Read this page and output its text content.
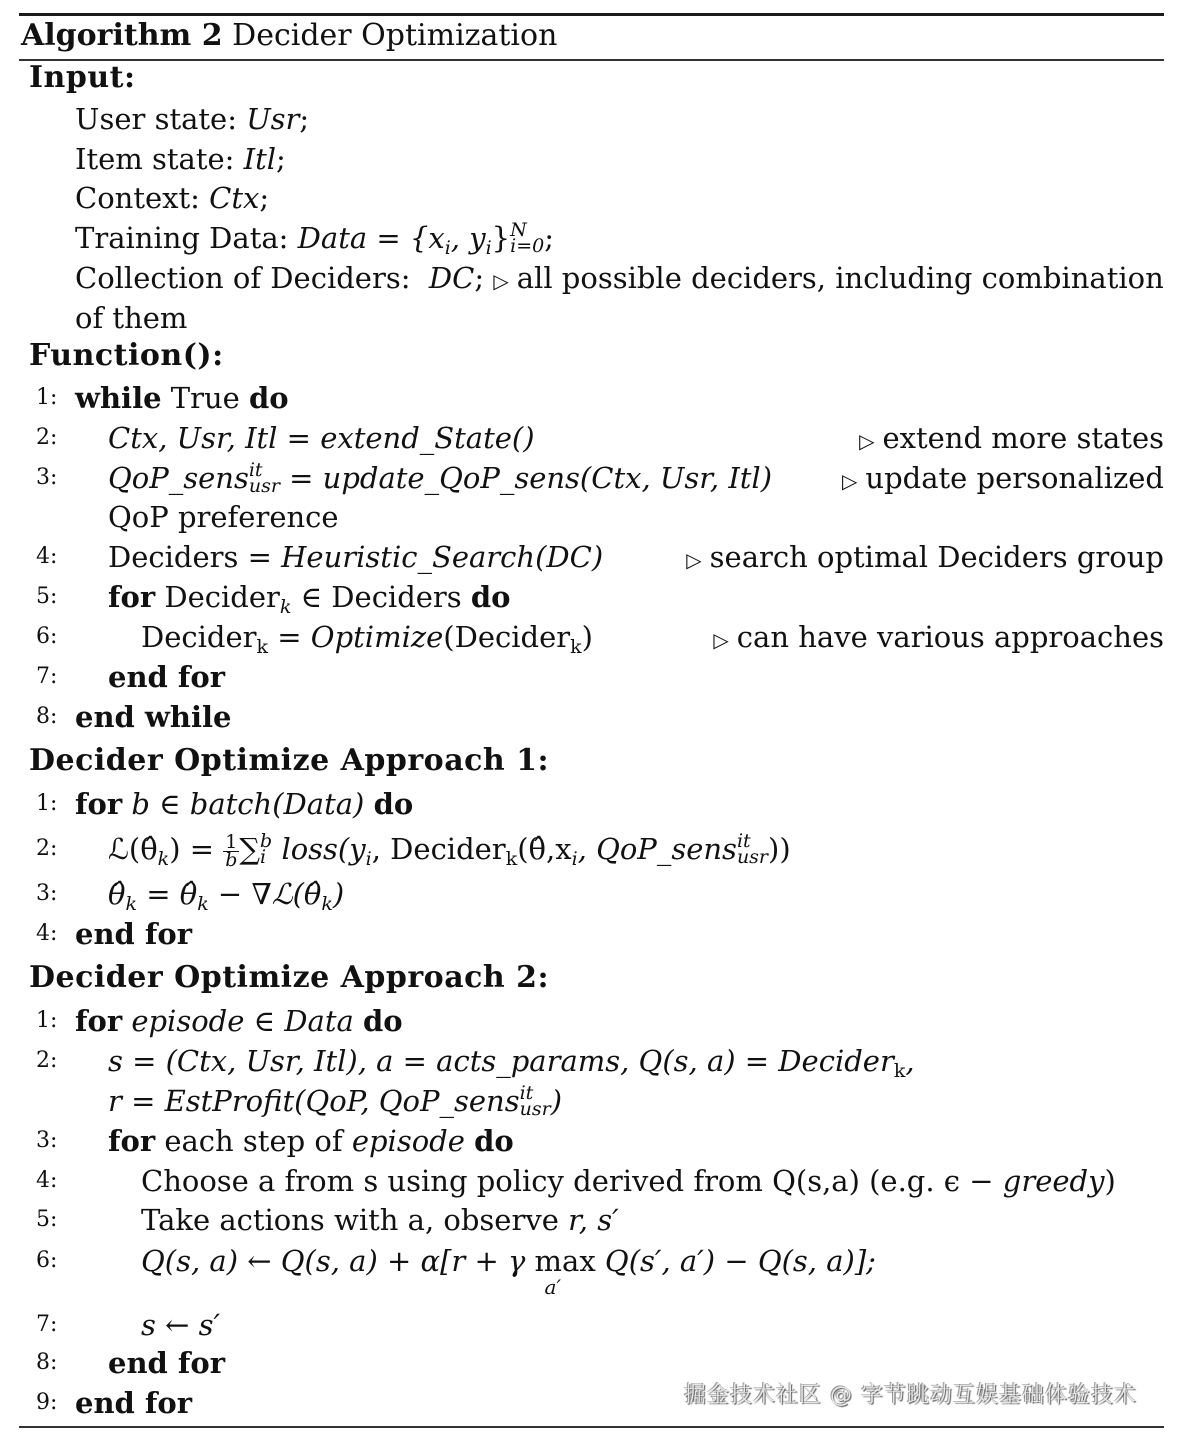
Algorithm 2 Decider Optimization
Input:
User state: Usr;
Item state: Itl;
Context: Ctx;
Training Data: Data = {$x_i$, $y_i$} N
i=0 ;
Collection of Deciders: DC; ▷ all possible deciders, including combination
of them
Function():
1: while True do
2:	Ctx, Usr, Itl = extend_State()	▷ extend more states
3:	QoP_sens it
usr = update_QoP_sens(Ctx, Usr, Itl)	▷ update personalized
QoP preference
4:	Deciders = Heuristic_Search(DC)	▷ search optimal Deciders group
5:	for Decider$_k$ ∈ Deciders do
6:	Decider$_k$ = Optimize(Decider$_k$)	▷ can have various approaches
7:	end for
8: end while
Decider Optimize Approach 1:
1: for b ∈ batch(Data) do
2:	$ℒ(\thetâ_k) = \frac{1}{b}$ ∑ b
i $loss(y_i$, $Decider_k(\thetâ,x_i$, QoP_sens it
usr ))
3:	$\thetâ_k$ = $\thetâ_k$ − $\nabla ℒ(\thetâ_k)$
4: end for
Decider Optimize Approach 2:
1: for episode ∈ Data do
2:	s = (Ctx, Usr, Itl), a = acts_params, Q(s, a) = Decider$_k$,
r = EstProfit(QoP, QoP_sens it
usr )
3:	for each step of episode do
4:	Choose a from s using policy derived from Q(s,a) (e.g. ϵ − greedy)
5:	Take actions with a, observe r, s′
6:	Q(s, a) ← Q(s, a) + α[r + γ max
a′
Q(s′, a′) − Q(s, a)];
7:	s ← s′
8:	end for
9: end for	掘金技术社区 @ 字节跳动互娱基础体验技术
